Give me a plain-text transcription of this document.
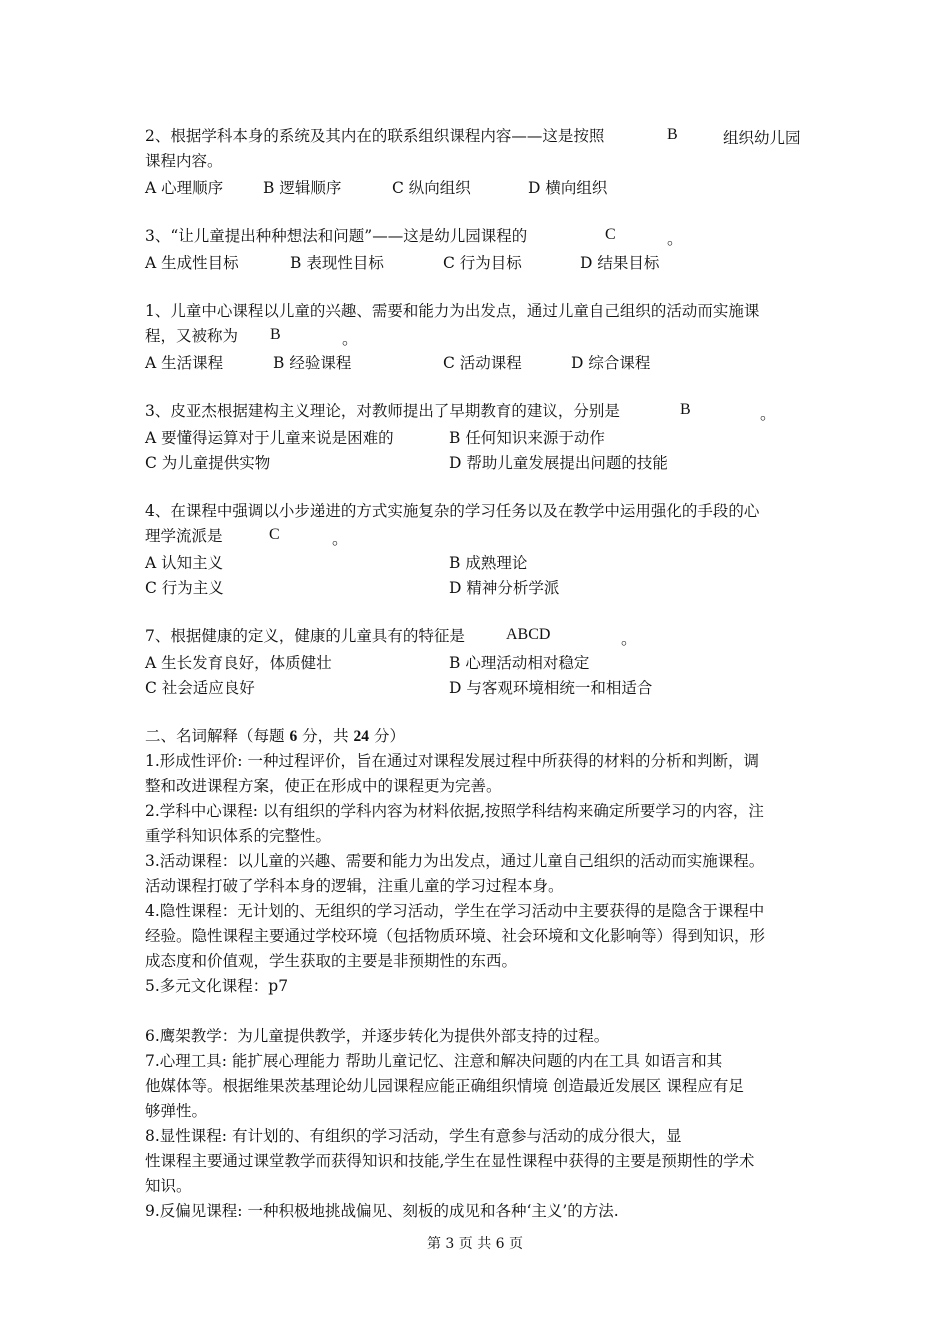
2、根据学科本身的系统及其内在的联系组织课程内容——这是按照	B	组织幼儿园
课程内容。
A 心理顺序	B 逻辑顺序	C 纵向组织	D 横向组织
3、“让儿童提出种种想法和问题”——这是幼儿园课程的	C	。
A 生成性目标	B 表现性目标	C 行为目标	D 结果目标
1、儿童中心课程以儿童的兴趣、需要和能力为出发点，通过儿童自己组织的活动而实施课
程，又被称为	B	。
A 生活课程	B 经验课程	C 活动课程	D 综合课程
3、皮亚杰根据建构主义理论，对教师提出了早期教育的建议，分别是	B	。
A 要懂得运算对于儿童来说是困难的	B 任何知识来源于动作
C 为儿童提供实物	D 帮助儿童发展提出问题的技能
4、在课程中强调以小步递进的方式实施复杂的学习任务以及在教学中运用强化的手段的心
理学流派是	C	。
A 认知主义	B 成熟理论
C 行为主义	D 精神分析学派
7、根据健康的定义，健康的儿童具有的特征是	ABCD	。
A 生长发育良好，体质健壮	B 心理活动相对稳定
C 社会适应良好	D 与客观环境相统一和相适合
二、名词解释（每题 6 分，共 24 分）
1.形成性评价: 一种过程评价，旨在通过对课程发展过程中所获得的材料的分析和判断，调
整和改进课程方案，使正在形成中的课程更为完善。
2.学科中心课程: 以有组织的学科内容为材料依据,按照学科结构来确定所要学习的内容，注
重学科知识体系的完整性。
3.活动课程：以儿童的兴趣、需要和能力为出发点，通过儿童自己组织的活动而实施课程。
活动课程打破了学科本身的逻辑，注重儿童的学习过程本身。
4.隐性课程：无计划的、无组织的学习活动，学生在学习活动中主要获得的是隐含于课程中
经验。隐性课程主要通过学校环境（包括物质环境、社会环境和文化影响等）得到知识，形
成态度和价值观，学生获取的主要是非预期性的东西。
5.多元文化课程：p7
6.鹰架教学：为儿童提供教学，并逐步转化为提供外部支持的过程。
7.心理工具: 能扩展心理能力 帮助儿童记忆、注意和解决问题的内在工具 如语言和其
他媒体等。根据维果茨基理论幼儿园课程应能正确组织情境 创造最近发展区 课程应有足
够弹性。
8.显性课程: 有计划的、有组织的学习活动，学生有意参与活动的成分很大，显
性课程主要通过课堂教学而获得知识和技能,学生在显性课程中获得的主要是预期性的学术
知识。
9.反偏见课程: 一种积极地挑战偏见、刻板的成见和各种‘主义’的方法.
第 3 页 共 6 页
